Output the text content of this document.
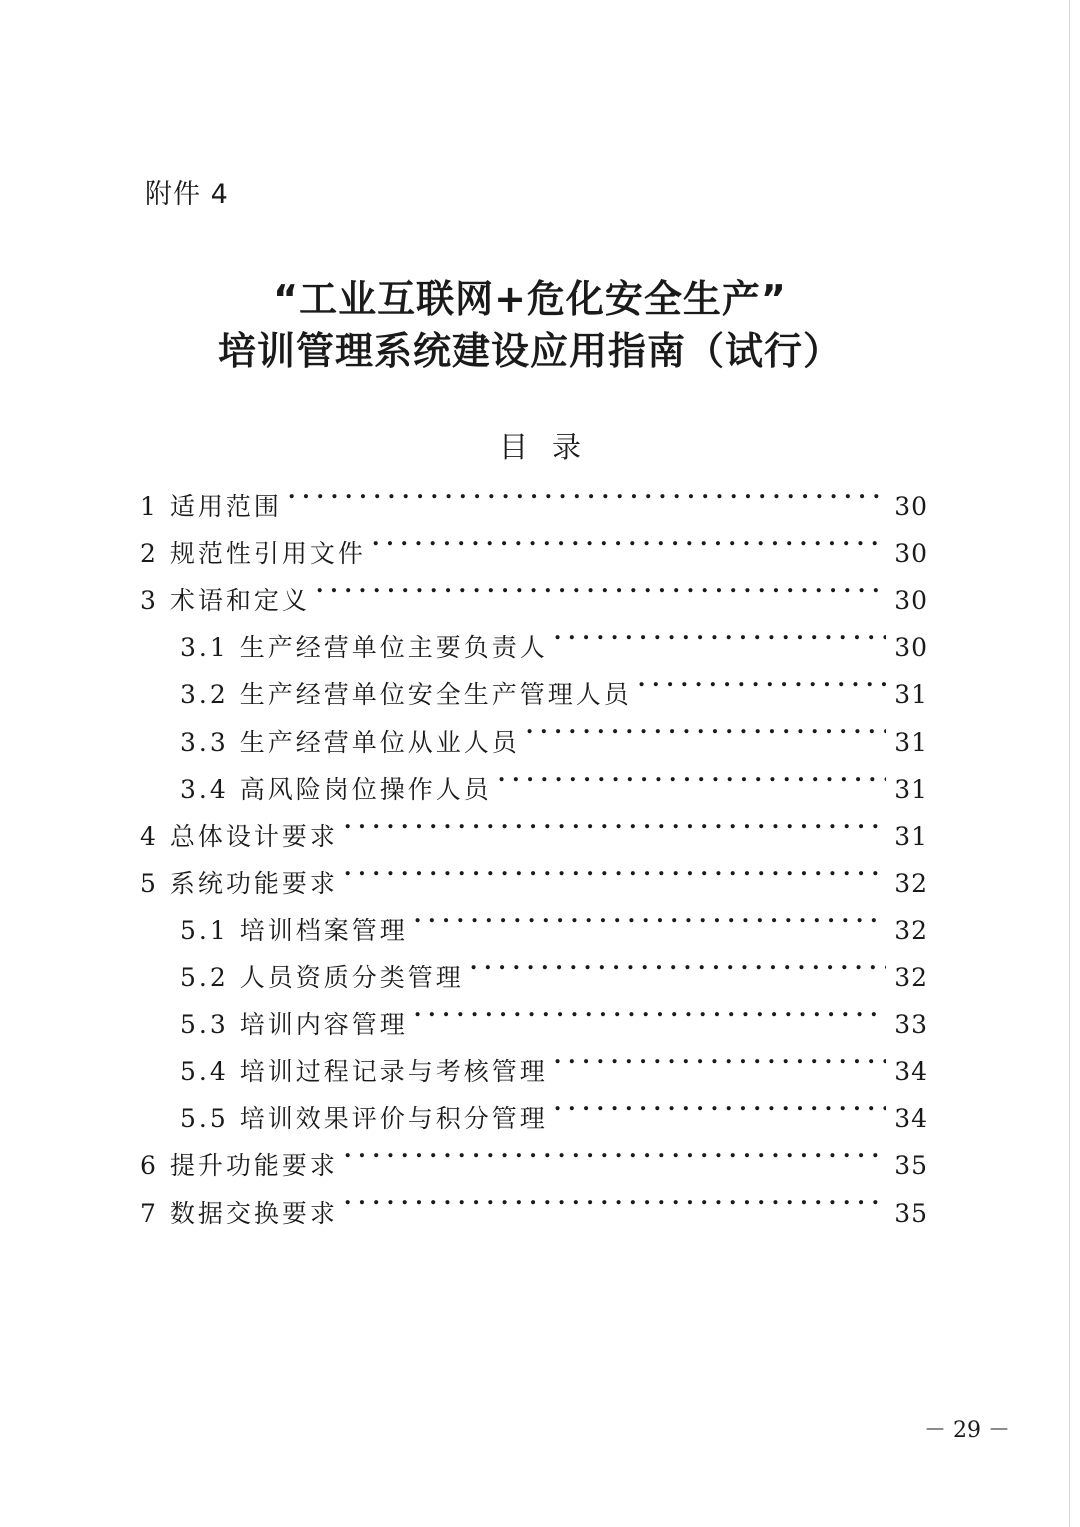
附件 4
“工业互联网+危化安全生产”
培训管理系统建设应用指南（试行）
目录
1 适用范围 .....	30
2 规范性引用文件 .....	30
3 术语和定义 .....	30
3.1 生产经营单位主要负责人 .....	30
3.2 生产经营单位安全生产管理人员 .....	31
3.3 生产经营单位从业人员 .....	31
3.4 高风险岗位操作人员 .....	31
4 总体设计要求 .....	31
5 系统功能要求 .....	32
5.1 培训档案管理 .....	32
5.2 人员资质分类管理 .....	32
5.3 培训内容管理 .....	33
5.4 培训过程记录与考核管理 .....	34
5.5 培训效果评价与积分管理 .....	34
6 提升功能要求 .....	35
7 数据交换要求 .....	35
－ 29 －
